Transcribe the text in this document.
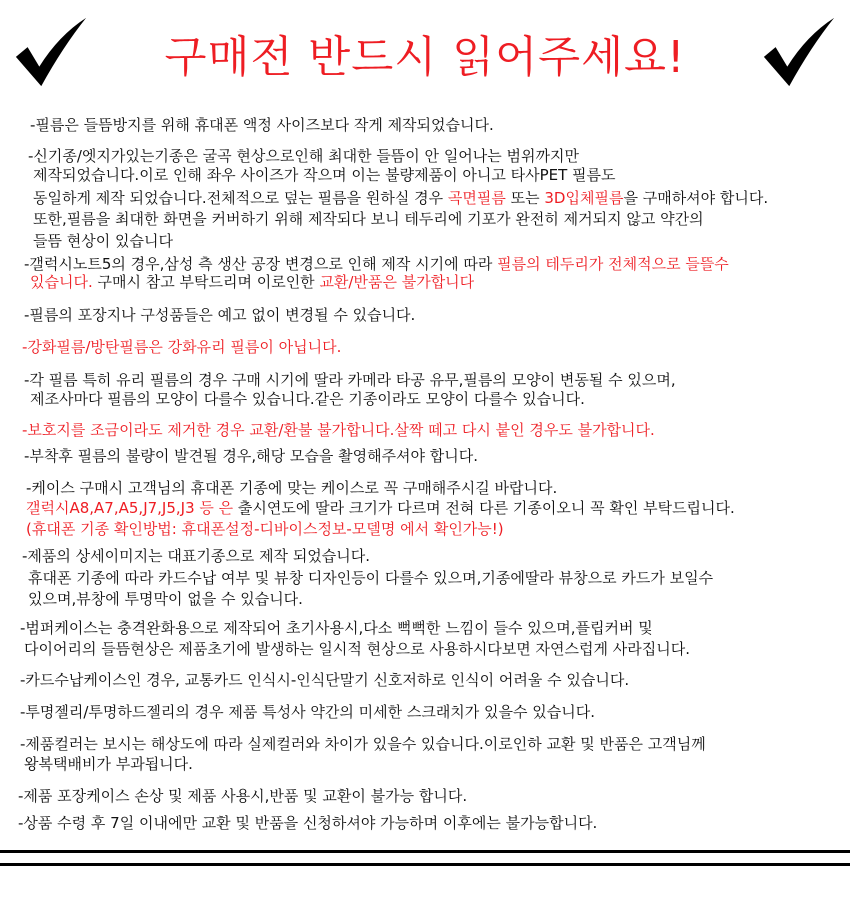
구매전 반드시 읽어주세요!
-필름은 들뜸방지를 위해 휴대폰 액정 사이즈보다 작게 제작되었습니다.
-신기종/엣지가있는기종은 굴곡 현상으로인해 최대한 들뜸이 안 일어나는 범위까지만
제작되었습니다.이로 인해 좌우 사이즈가 작으며 이는 불량제품이 아니고 타사PET 필름도
동일하게 제작 되었습니다.전체적으로 덮는 필름을 원하실 경우 곡면필름 또는 3D입체필름을 구매하셔야 합니다.
또한,필름을 최대한 화면을 커버하기 위해 제작되다 보니 테두리에 기포가 완전히 제거되지 않고 약간의
들뜸 현상이 있습니다
-갤럭시노트5의 경우,삼성 측 생산 공장 변경으로 인해 제작 시기에 따라 필름의 테두리가 전체적으로 들뜰수
있습니다. 구매시 참고 부탁드리며 이로인한 교환/반품은 불가합니다
-필름의 포장지나 구성품들은 예고 없이 변경될 수 있습니다.
-강화필름/방탄필름은 강화유리 필름이 아닙니다.
-각 필름 특히 유리 필름의 경우 구매 시기에 딸라 카메라 타공 유무,필름의 모양이 변동될 수 있으며,
제조사마다 필름의 모양이 다를수 있습니다.같은 기종이라도 모양이 다를수 있습니다.
-보호지를 조금이라도 제거한 경우 교환/환불 불가합니다.살짝 떼고 다시 붙인 경우도 불가합니다.
-부착후 필름의 불량이 발견될 경우,해당 모습을 촬영해주셔야 합니다.
-케이스 구매시 고객님의 휴대폰 기종에 맞는 케이스로 꼭 구매해주시길 바랍니다.
갤럭시A8,A7,A5,J7,J5,J3 등 은 출시연도에 딸라 크기가 다르며 전혀 다른 기종이오니 꼭 확인 부탁드립니다.
(휴대폰 기종 확인방법: 휴대폰설정-디바이스정보-모델명 에서 확인가능!)
-제품의 상세이미지는 대표기종으로 제작 되었습니다.
휴대폰 기종에 따라 카드수납 여부 및 뷰창 디자인등이 다를수 있으며,기종에딸라 뷰창으로 카드가 보일수
있으며,뷰창에 투명막이 없을 수 있습니다.
-범퍼케이스는 충격완화용으로 제작되어 초기사용시,다소 뻑뻑한 느낌이 들수 있으며,플립커버 및
다이어리의 들뜸현상은 제품초기에 발생하는 일시적 현상으로 사용하시다보면 자연스럽게 사라집니다.
-카드수납케이스인 경우, 교통카드 인식시-인식단말기 신호저하로 인식이 어려울 수 있습니다.
-투명젤리/투명하드젤리의 경우 제품 특성사 약간의 미세한 스크래치가 있을수 있습니다.
-제품컬러는 보시는 해상도에 따라 실제컬러와 차이가 있을수 있습니다.이로인하 교환 및 반품은 고객님께
왕복택배비가 부과됩니다.
-제품 포장케이스 손상 및 제품 사용시,반품 및 교환이 불가능 합니다.
-상품 수령 후 7일 이내에만 교환 및 반품을 신청하셔야 가능하며 이후에는 불가능합니다.
